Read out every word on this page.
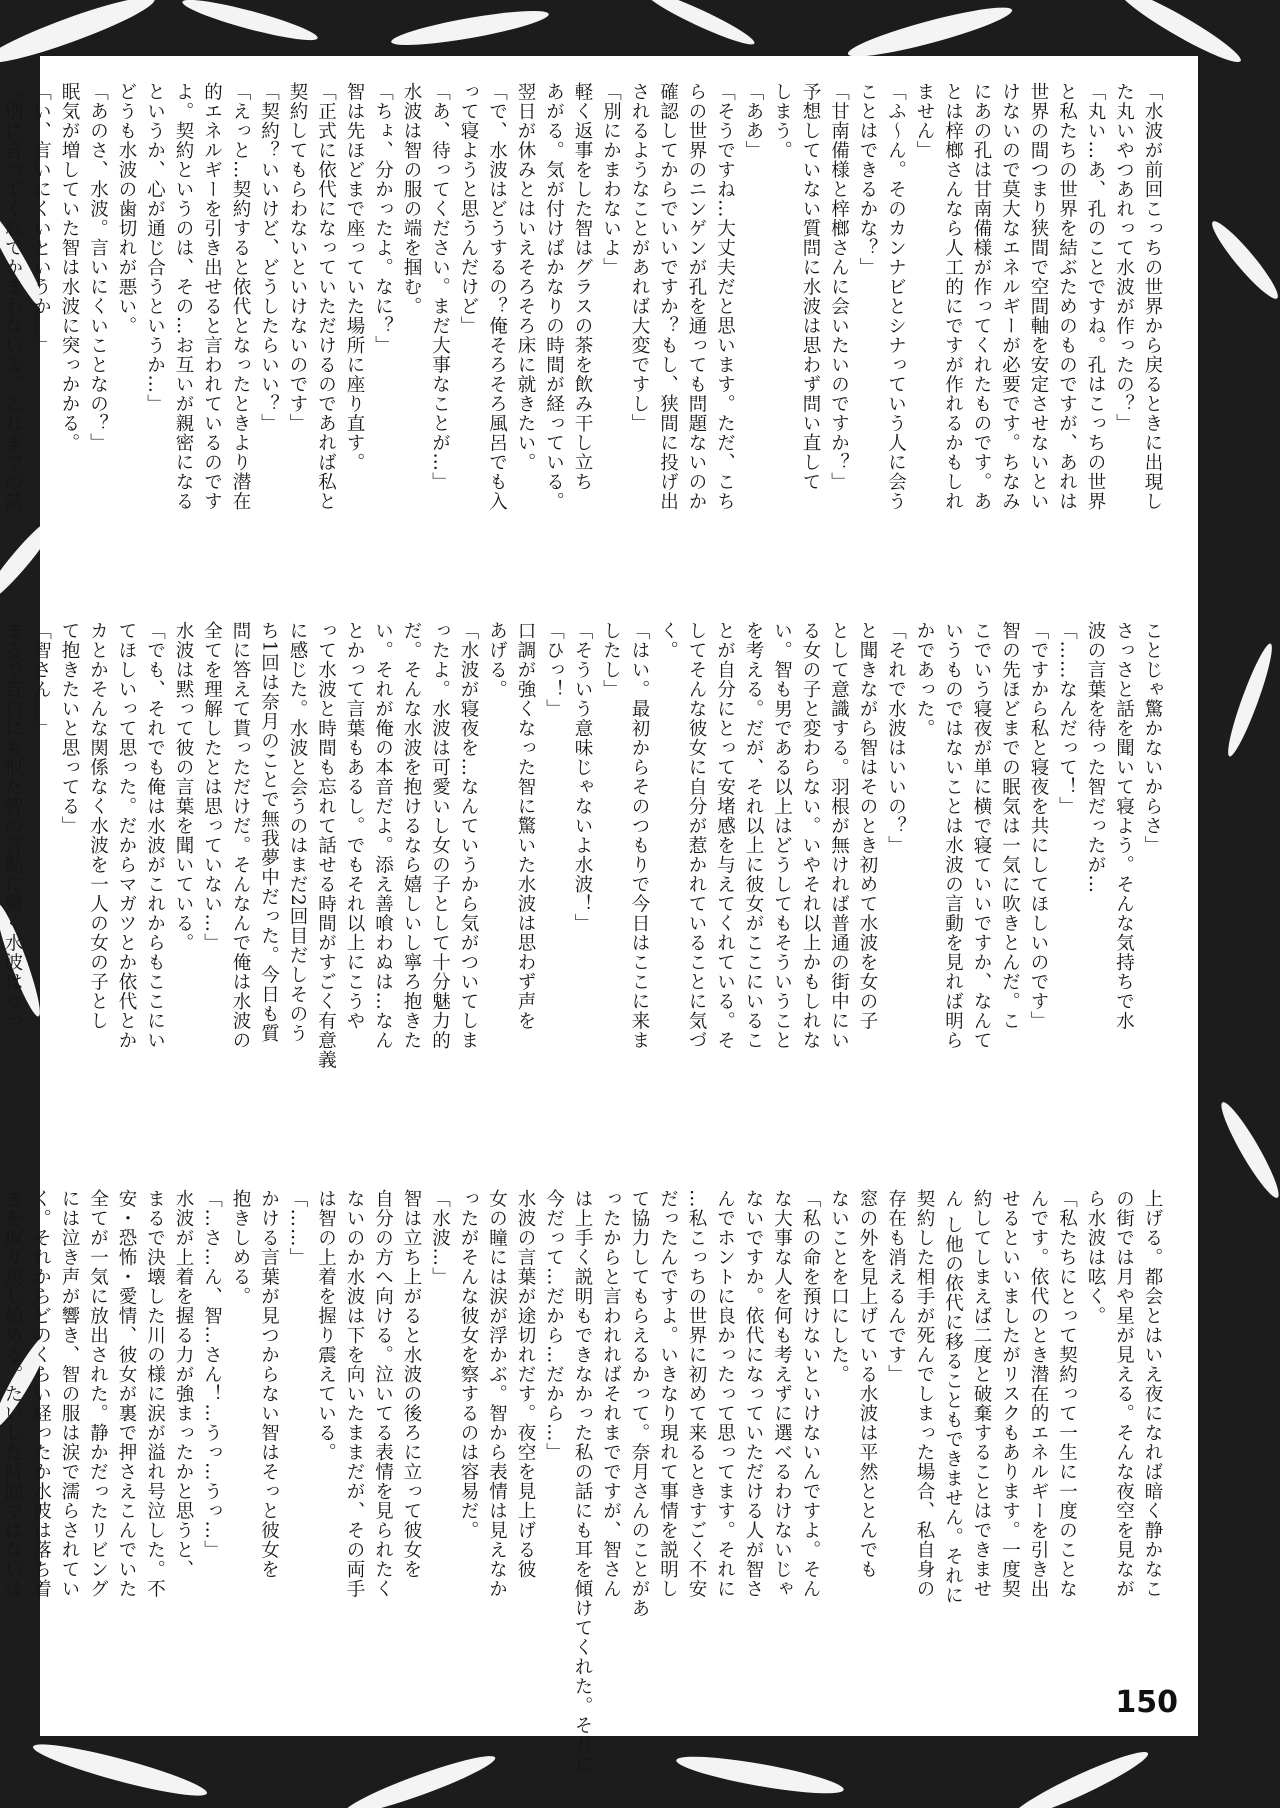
「水波が前回こっちの世界から戻るときに出現し

た丸いやつあれって水波が作ったの？」

「丸い…あ、孔のことですね。孔はこっちの世界

と私たちの世界を結ぶためのものですが、あれは

世界の間つまり狭間で空間軸を安定させないとい

けないので莫大なエネルギーが必要です。ちなみ

にあの孔は甘南備様が作ってくれたものです。あ

とは梓榔さんなら人工的にですが作れるかもしれ

ません」

「ふ～ん。そのカンナビとシナっていう人に会う

ことはできるかな？」

「甘南備様と梓榔さんに会いたいのですか？」

予想していない質問に水波は思わず問い直して

しまう。

「ああ」

「そうですね…大丈夫だと思います。ただ、こち

らの世界のニンゲンが孔を通っても問題ないのか

確認してからでいいですか？もし、狭間に投げ出

されるようなことがあれば大変ですし」

「別にかまわないよ」

軽く返事をした智はグラスの茶を飲み干し立ち

あがる。気が付けばかなりの時間が経っている。

翌日が休みとはいえそろそろ床に就きたい。

「で、水波はどうするの？俺そろそろ風呂でも入

って寝ようと思うんだけど」

「あ、待ってください。まだ大事なことが…」

水波は智の服の端を掴む。

「ちょ、分かったよ。なに？」

智は先ほどまで座っていた場所に座り直す。

「正式に依代になっていただけるのであれば私と

契約してもらわないといけないのです」

「契約？いいけど、どうしたらいい？」

「えっと…契約すると依代となったときより潜在

的エネルギーを引き出せると言われているのです

よ。契約というのは、その…お互いが親密になる

というか、心が通じ合うというか…」

どうも水波の歯切れが悪い。

「あのさ、水波。言いにくいことなの？」

眠気が増していた智は水波に突っかかる。

「い、言いにくいというか…」

「別に言ってくれてかまわないよ。これまでの話

ことじゃ驚かないからさ」

さっさと話を聞いて寝よう。そんな気持ちで水

波の言葉を待った智だったが…

「……なんだって！」

「ですから私と寝夜を共にしてほしいのです」

智の先ほどまでの眠気は一気に吹きとんだ。こ

こでいう寝夜が単に横で寝ていいですか、なんて

いうものではないことは水波の言動を見れば明ら

かであった。

「それで水波はいいの？」

と聞きながら智はそのとき初めて水波を女の子

として意識する。羽根が無ければ普通の街中にい

る女の子と変わらない。いやそれ以上かもしれな

い。智も男である以上はどうしてもそういうこと

を考える。だが、それ以上に彼女がここにいるこ

とが自分にとって安堵感を与えてくれている。そ

してそんな彼女に自分が惹かれていることに気づ

く。

「はい。最初からそのつもりで今日はここに来ま

したし」

「そういう意味じゃないよ水波！」

「ひっ！」

口調が強くなった智に驚いた水波は思わず声を

あげる。

「水波が寝夜を…なんていうから気がついてしま

ったよ。水波は可愛いし女の子として十分魅力的

だ。そんな水波を抱けるなら嬉しいし寧ろ抱きた

い。それが俺の本音だよ。添え善喰わぬは…なん

とかって言葉もあるし。でもそれ以上にこうや

って水波と時間も忘れて話せる時間がすごく有意義

に感じた。水波と会うのはまだ2回目だしそのう

ち1回は奈月のことで無我夢中だった。今日も質

問に答えて貰っただけだ。そんなんで俺は水波の

全てを理解したとは思っていない…」

水波は黙って彼の言葉を聞いている。

「でも、それでも俺は水波がこれからもここにい

てほしいって思った。だからマガツとか依代とか

カとかそんな関係なく水波を一人の女の子とし

て抱きたいと思ってる」

「智さん…」

まるで告白にも似た智の言動に驚く水波はゆっ

上げる。都会とはいえ夜になれば暗く静かなこ

の街では月や星が見える。そんな夜空を見なが

ら水波は呟く。

「私たちにとって契約って一生に一度のことな

んです。依代のとき潜在的エネルギーを引き出

せるといいましたがリスクもあります。一度契

約してしまえば二度と破棄することはできませ

ん し他の依代に移ることもできません。それに

契約した相手が死んでしまった場合、私自身の

存在も消えるんです」

窓の外を見上げている水波は平然ととんでも

ないことを口にした。

「私の命を預けないといけないんですよ。そん

な大事な人を何も考えずに選べるわけないじゃ

ないですか。依代になっていただける人が智さ

んでホントに良かったって思ってます。それに

…私こっちの世界に初めて来るときすごく不安

だったんですよ。いきなり現れて事情を説明し

て協力してもらえるかって。奈月さんのことがあ

ったからと言われればそれまでですが、智さん

は上手く説明もできなかった私の話にも耳を傾けてくれた。それに

今だって…だから…だから…」

水波の言葉が途切れだす。夜空を見上げる彼

女の瞳には涙が浮かぶ。智から表情は見えなか

ったがそんな彼女を察するのは容易だ。

「水波…」

智は立ち上がると水波の後ろに立って彼女を

自分の方へ向ける。泣いてる表情を見られたく

ないのか水波は下を向いたままだが、その両手

は智の上着を握り震えている。

「……」

かける言葉が見つからない智はそっと彼女を

抱きしめる。

「…さ…ん、智…さん！…うっ…うっ…」

水波が上着を握る力が強まったかと思うと、

まるで決壊した川の様に涙が溢れ号泣した。不

安・恐怖・愛情、彼女が裏で押さえこんでいた

全てが一気に放出された。静かだったリビング

には泣き声が響き、智の服は涙で濡らされてい

く。それからどのくらい経ったか水波は落ち着

きを取り戻し始める。たいした時間ではないは

150
